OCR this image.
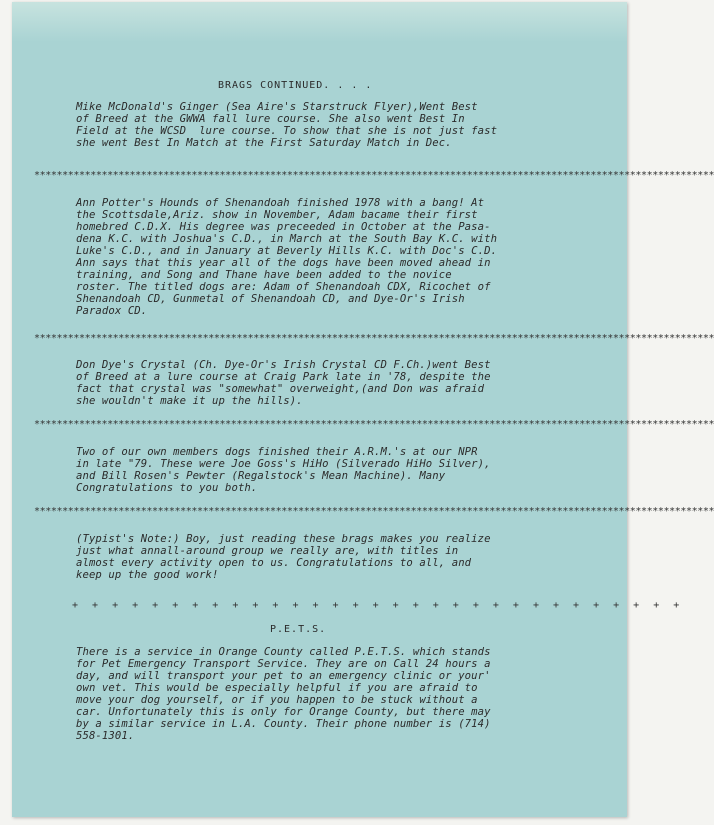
BRAGS CONTINUED. . . .

Mike McDonald's Ginger (Sea Aire's Starstruck Flyer),Went Best
of Breed at the GWWA fall lure course. She also went Best In
Field at the WCSD  lure course. To show that she is not just fast
she went Best In Match at the First Saturday Match in Dec.

*************************************************************************************************************************

Ann Potter's Hounds of Shenandoah finished 1978 with a bang! At
the Scottsdale,Ariz. show in November, Adam bacame their first
homebred C.D.X. His degree was preceeded in October at the Pasa-
dena K.C. with Joshua's C.D., in March at the South Bay K.C. with
Luke's C.D., and in January at Beverly Hills K.C. with Doc's C.D.
Ann says that this year all of the dogs have been moved ahead in
training, and Song and Thane have been added to the novice
roster. The titled dogs are: Adam of Shenandoah CDX, Ricochet of
Shenandoah CD, Gunmetal of Shenandoah CD, and Dye-Or's Irish
Paradox CD.

*************************************************************************************************************************

Don Dye's Crystal (Ch. Dye-Or's Irish Crystal CD F.Ch.)went Best
of Breed at a lure course at Craig Park late in '78, despite the
fact that crystal was "somewhat" overweight,(and Don was afraid
she wouldn't make it up the hills).

*************************************************************************************************************************

Two of our own members dogs finished their A.R.M.'s at our NPR
in late "79. These were Joe Goss's HiHo (Silverado HiHo Silver),
and Bill Rosen's Pewter (Regalstock's Mean Machine). Many
Congratulations to you both.

*************************************************************************************************************************

(Typist's Note:) Boy, just reading these brags makes you realize
just what annall-around group we really are, with titles in
almost every activity open to us. Congratulations to all, and
keep up the good work!

+ + + + + + + + + + + + + + + + + + + + + + + + + + + + + + +

P.E.T.S.

There is a service in Orange County called P.E.T.S. which stands
for Pet Emergency Transport Service. They are on Call 24 hours a
day, and will transport your pet to an emergency clinic or your'
own vet. This would be especially helpful if you are afraid to
move your dog yourself, or if you happen to be stuck without a
car. Unfortunately this is only for Orange County, but there may
by a similar service in L.A. County. Their phone number is (714)
558-1301.
